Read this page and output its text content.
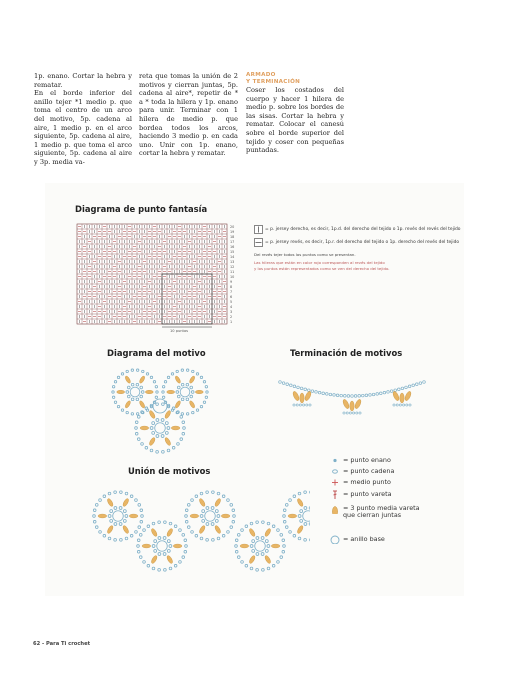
1p. enano. Cortar la hebra y rematar.

En el borde inferior del anillo tejer *1 medio p. que toma el centro de un arco del motivo, 5p. cadena al aire, 1 medio p. en el arco siguiente, 5p. cadena al aire, 1 medio p. que toma el arco siguiente, 5p. cadena al aire y 3p. media va-

reta que tomas la unión de 2 motivos y cierran juntas, 5p. cadena al aire*, repetir de * a * toda la hilera y 1p. enano para unir. Terminar con 1 hilera de medio p. que bordea todos los arcos, haciendo 3 medio p. en cada uno. Unir con 1p. enano, cortar la hebra y rematar.

ARMADO
Y TERMINACIÓN

Coser los costados del cuerpo y hacer 1 hilera de medio p. sobre los bordes de las sisas. Cortar la hebra y rematar. Colocar el canesú sobre el borde superior del tejido y coser con pequeñas puntadas.

Diagrama de punto fantasía
20
19
18
17
16
15
14
13
12
11
10
9
8
7
6
5
4
3
2
1
10 puntos
= p. jersey derecho, es decir, 1p.d. del derecho del tejido o 1p. revés del revés del tejido
= p. jersey revés, es decir, 1p.r. del derecho del tejido o 1p. derecho del revés del tejido
Del revés tejer todos los puntos como se presentan.
Las hileras que están en color rojo corresponden al revés del tejido
y los puntos están representados como se ven del derecho del tejido.
Diagrama del motivo	Terminación de motivos
Unión de motivos
= punto enano
= punto cadena
= medio punto
= punto vareta
= 3 punto media vareta que cierran juntas
= anillo base
62 - Para Ti crochet
